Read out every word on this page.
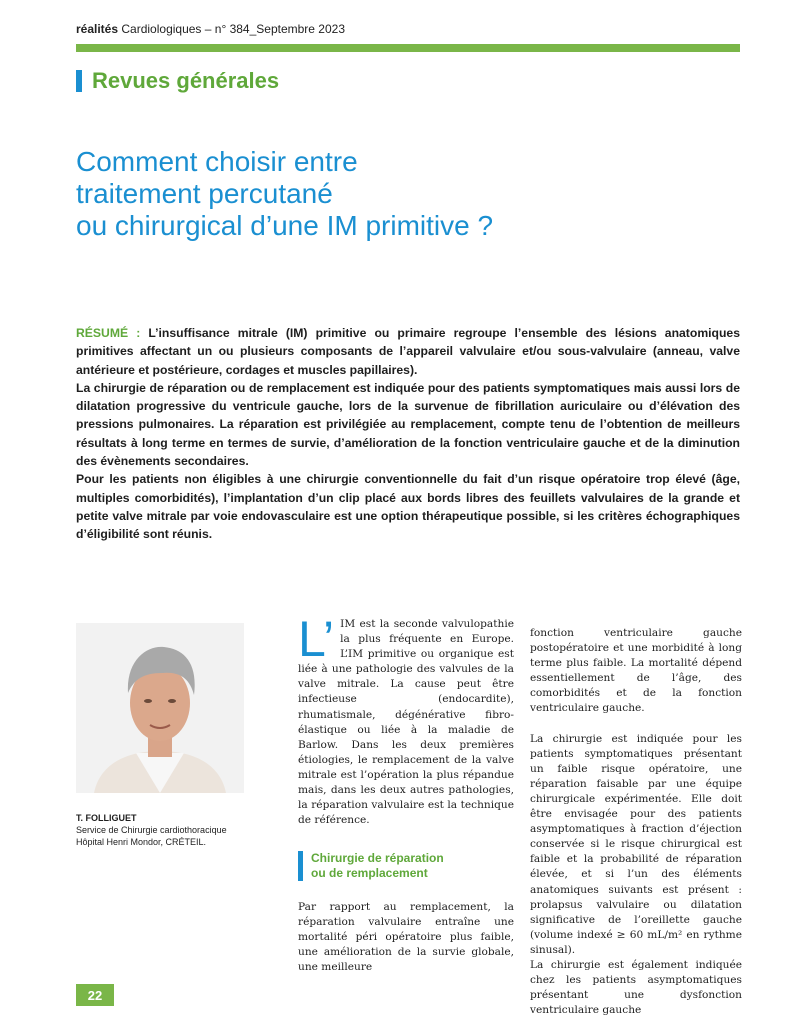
réalités Cardiologiques – n° 384_Septembre 2023
Revues générales
Comment choisir entre
traitement percutané
ou chirurgical d’une IM primitive ?

RÉSUMÉ : L’insuffisance mitrale (IM) primitive ou primaire regroupe l’ensemble des lésions anatomiques primitives affectant un ou plusieurs composants de l’appareil valvulaire et/ou sous-valvulaire (anneau, valve antérieure et postérieure, cordages et muscles papillaires).

La chirurgie de réparation ou de remplacement est indiquée pour des patients symptomatiques mais aussi lors de dilatation progressive du ventricule gauche, lors de la survenue de fibrillation auriculaire ou d’élévation des pressions pulmonaires. La réparation est privilégiée au remplacement, compte tenu de l’obtention de meilleurs résultats à long terme en termes de survie, d’amélioration de la fonction ventriculaire gauche et de la diminution des évènements secondaires.

Pour les patients non éligibles à une chirurgie conventionnelle du fait d’un risque opératoire trop élevé (âge, multiples comorbidités), l’implantation d’un clip placé aux bords libres des feuillets valvulaires de la grande et petite valve mitrale par voie endovasculaire est une option thérapeutique possible, si les critères échographiques d’éligibilité sont réunis.

T. FOLLIGUET
Service de Chirurgie cardiothoracique
Hôpital Henri Mondor, CRÉTEIL.

L’ IM est la seconde valvulopathie la plus fréquente en Europe. L’IM primitive ou organique est liée à une pathologie des valvules de la valve mitrale. La cause peut être infectieuse (endocardite), rhumatismale, dégénérative fibro-élastique ou liée à la maladie de Barlow. Dans les deux premières étiologies, le remplacement de la valve mitrale est l’opération la plus répandue mais, dans les deux autres pathologies, la réparation valvulaire est la technique de référence.

Chirurgie de réparation
ou de remplacement

Par rapport au remplacement, la réparation valvulaire entraîne une mortalité péri opératoire plus faible, une amélioration de la survie globale, une meilleure

fonction ventriculaire gauche postopératoire et une morbidité à long terme plus faible. La mortalité dépend essentiellement de l’âge, des comorbidités et de la fonction ventriculaire gauche.

La chirurgie est indiquée pour les patients symptomatiques présentant un faible risque opératoire, une réparation faisable par une équipe chirurgicale expérimentée. Elle doit être envisagée pour des patients asymptomatiques à fraction d’éjection conservée si le risque chirurgical est faible et la probabilité de réparation élevée, et si l’un des éléments anatomiques suivants est présent : prolapsus valvulaire ou dilatation significative de l’oreillette gauche (volume indexé ≥ 60 mL/m² en rythme sinusal).

La chirurgie est également indiquée chez les patients asymptomatiques présentant une dysfonction ventriculaire gauche

22
